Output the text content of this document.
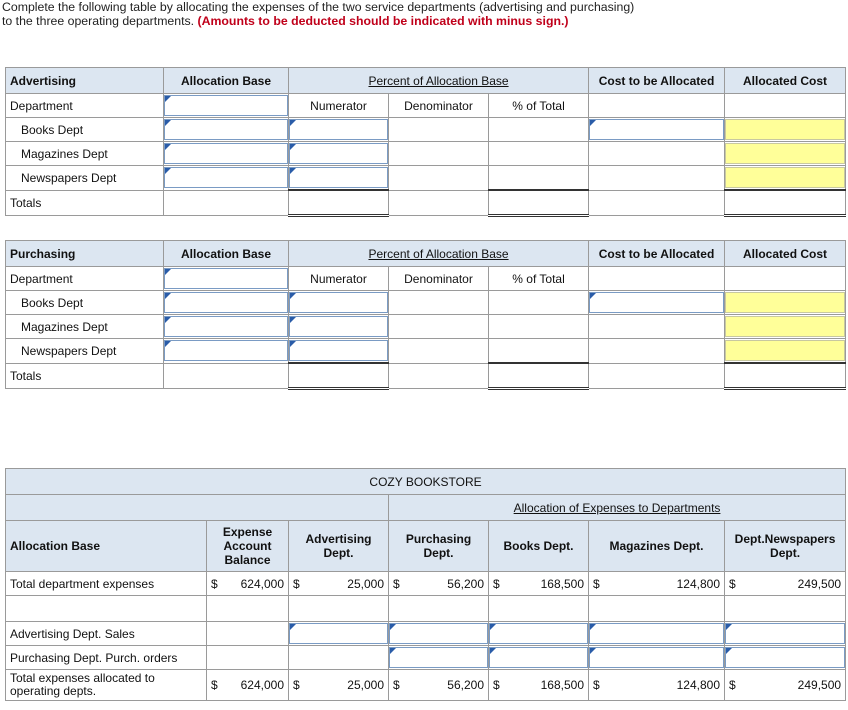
Complete the following table by allocating the expenses of the two service departments (advertising and purchasing) to the three operating departments. (Amounts to be deducted should be indicated with minus sign.)
Advertising	Allocation Base	Percent of Allocation Base			Cost to be Allocated	Allocated Cost
Department		Numerator	Denominator	% of Total		
Books Dept	

Magazines Dept	

Newspapers Dept	

Totals						
Purchasing	Allocation Base	Percent of Allocation Base			Cost to be Allocated	Allocated Cost
Department		Numerator	Denominator	% of Total		
Books Dept	

Magazines Dept	

Newspapers Dept	

Totals						
COZY BOOKSTORE						
			Allocation of Expenses to Departments			
Allocation Base	Expense Account Balance	Advertising Dept.	Purchasing Dept.	Books Dept.	Magazines Dept.	Dept.Newspapers Dept.
Total department expenses	$ 624,000	$ 25,000	$ 56,200	$ 168,500	$ 124,800	$ 249,500

Advertising Dept. Sales		

Purchasing Dept. Purch. orders			

Total expenses allocated to operating depts.	$ 624,000	$ 25,000	$ 56,200	$ 168,500	$ 124,800	$ 249,500
